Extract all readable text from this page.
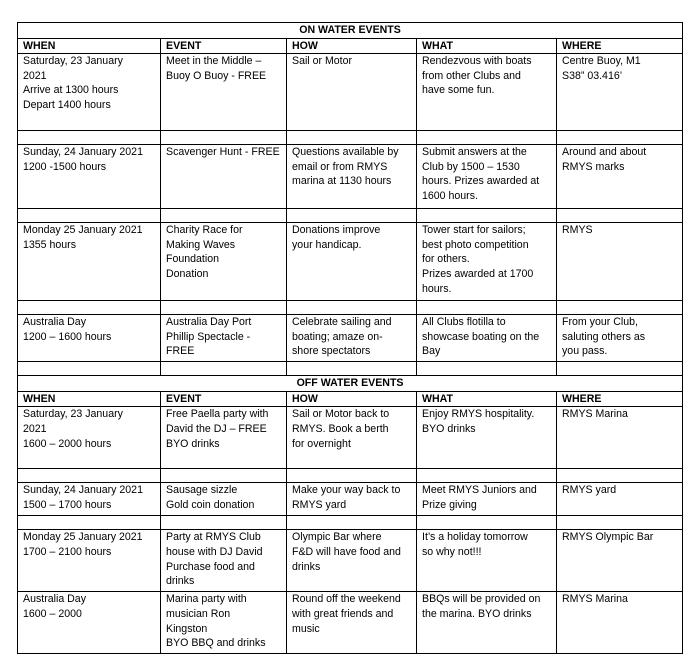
ON WATER EVENTS				
WHEN	EVENT	HOW	WHAT	WHERE
Saturday, 23 January
2021
Arrive at 1300 hours
Depart 1400 hours	Meet in the Middle –
Buoy O Buoy - FREE	Sail or Motor	Rendezvous with boats
from other Clubs and
have some fun.	Centre Buoy, M1
S38” 03.416’

Sunday, 24 January 2021
1200 -1500 hours	Scavenger Hunt - FREE	Questions available by
email or from RMYS
marina at 1130 hours	Submit answers at the
Club by 1500 – 1530
hours. Prizes awarded at
1600 hours.	Around and about
RMYS marks

Monday 25 January 2021
1355 hours	Charity Race for
Making Waves
Foundation
Donation	Donations improve
your handicap.	Tower start for sailors;
best photo competition
for others.
Prizes awarded at 1700
hours.	RMYS

Australia Day
1200 – 1600 hours	Australia Day Port
Phillip Spectacle -
FREE	Celebrate sailing and
boating; amaze on-
shore spectators	All Clubs flotilla to
showcase boating on the
Bay	From your Club,
saluting others as
you pass.

OFF WATER EVENTS				
WHEN	EVENT	HOW	WHAT	WHERE
Saturday, 23 January
2021
1600 – 2000 hours	Free Paella party with
David the DJ – FREE
BYO drinks	Sail or Motor back to
RMYS. Book a berth
for overnight	Enjoy RMYS hospitality.
BYO drinks	RMYS Marina

Sunday, 24 January 2021
1500 – 1700 hours	Sausage sizzle
Gold coin donation	Make your way back to
RMYS yard	Meet RMYS Juniors and
Prize giving	RMYS yard

Monday 25 January 2021
1700 – 2100 hours	Party at RMYS Club
house with DJ David
Purchase food and
drinks	Olympic Bar where
F&D will have food and
drinks	It’s a holiday tomorrow
so why not!!!	RMYS Olympic Bar
Australia Day
1600 – 2000	Marina party with
musician Ron
Kingston
BYO BBQ and drinks	Round off the weekend
with great friends and
music	BBQs will be provided on
the marina. BYO drinks	RMYS Marina
